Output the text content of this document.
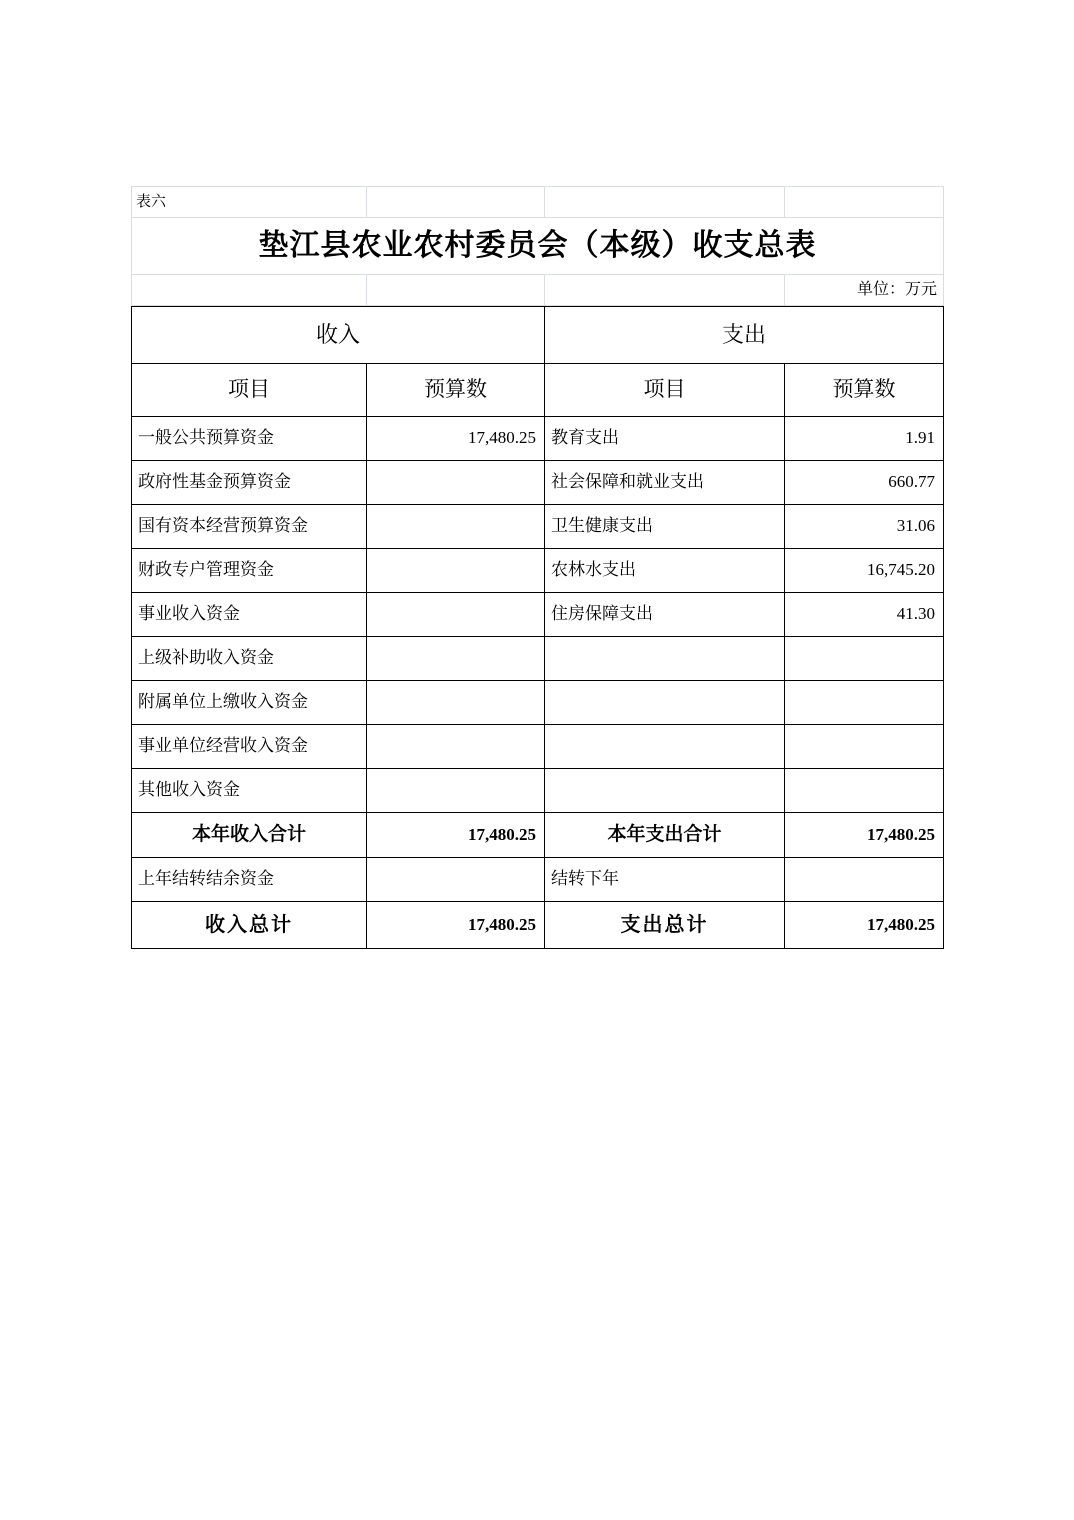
表六			
垫江县农业农村委员会（本级）收支总表			
			单位：万元
收入		支出	
项目	预算数	项目	预算数
一般公共预算资金	17,480.25	教育支出	1.91
政府性基金预算资金		社会保障和就业支出	660.77
国有资本经营预算资金		卫生健康支出	31.06
财政专户管理资金		农林水支出	16,745.20
事业收入资金		住房保障支出	41.30
上级补助收入资金			
附属单位上缴收入资金			
事业单位经营收入资金			
其他收入资金			
本年收入合计	17,480.25	本年支出合计	17,480.25
上年结转结余资金		结转下年	
收入总计	17,480.25	支出总计	17,480.25
